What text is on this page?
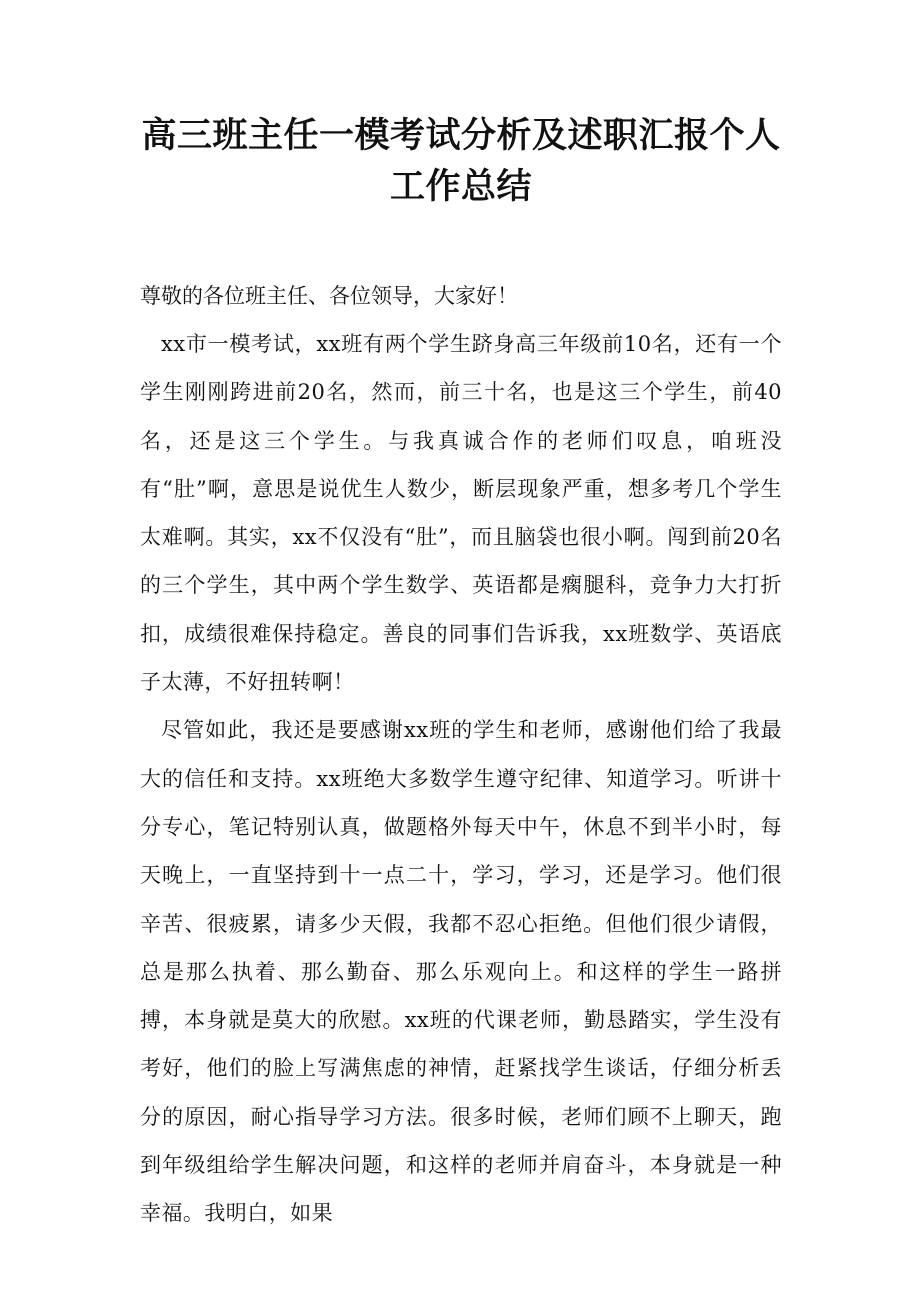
高三班主任一模考试分析及述职汇报个人
工作总结

尊敬的各位班主任、各位领导，大家好！

xx市一模考试，xx班有两个学生跻身高三年级前10名，还有一个学生刚刚跨进前20名，然而，前三十名，也是这三个学生，前40名，还是这三个学生。与我真诚合作的老师们叹息，咱班没有“肚”啊，意思是说优生人数少，断层现象严重，想多考几个学生太难啊。其实，xx不仅没有“肚”，而且脑袋也很小啊。闯到前20名的三个学生，其中两个学生数学、英语都是瘸腿科，竞争力大打折扣，成绩很难保持稳定。善良的同事们告诉我，xx班数学、英语底子太薄，不好扭转啊！

尽管如此，我还是要感谢xx班的学生和老师，感谢他们给了我最大的信任和支持。xx班绝大多数学生遵守纪律、知道学习。听讲十分专心，笔记特别认真，做题格外每天中午，休息不到半小时，每天晚上，一直坚持到十一点二十，学习，学习，还是学习。他们很辛苦、很疲累，请多少天假，我都不忍心拒绝。但他们很少请假，总是那么执着、那么勤奋、那么乐观向上。和这样的学生一路拼搏，本身就是莫大的欣慰。xx班的代课老师，勤恳踏实，学生没有考好，他们的脸上写满焦虑的神情，赶紧找学生谈话，仔细分析丢分的原因，耐心指导学习方法。很多时候，老师们顾不上聊天，跑到年级组给学生解决问题，和这样的老师并肩奋斗，本身就是一种幸福。我明白，如果
